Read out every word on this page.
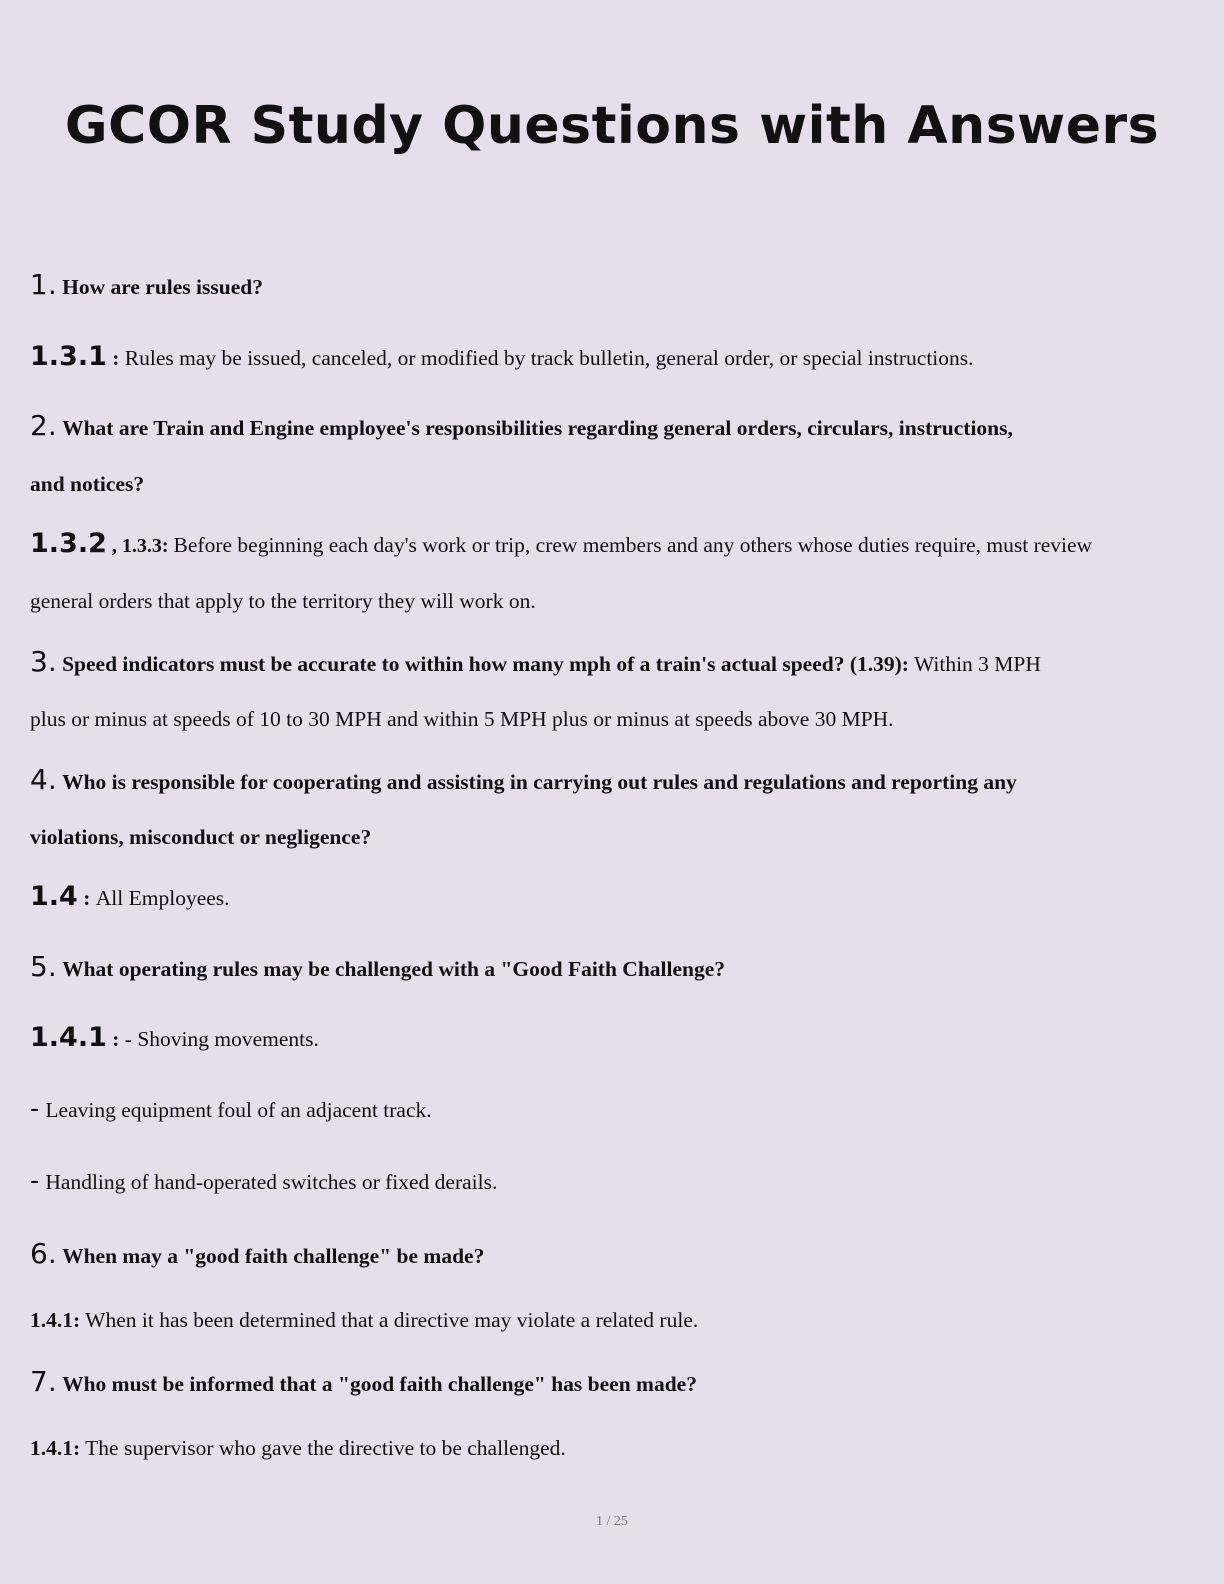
GCOR Study Questions with Answers
1. How are rules issued?
1.3.1 : Rules may be issued, canceled, or modified by track bulletin, general order, or special instructions.
2. What are Train and Engine employee's responsibilities regarding general orders, circulars, instructions,
and notices?
1.3.2 , 1.3.3: Before beginning each day's work or trip, crew members and any others whose duties require, must review
general orders that apply to the territory they will work on.
3. Speed indicators must be accurate to within how many mph of a train's actual speed? (1.39): Within 3 MPH
plus or minus at speeds of 10 to 30 MPH and within 5 MPH plus or minus at speeds above 30 MPH.
4. Who is responsible for cooperating and assisting in carrying out rules and regulations and reporting any
violations, misconduct or negligence?
1.4 : All Employees.
5. What operating rules may be challenged with a "Good Faith Challenge?
1.4.1 : - Shoving movements.
- Leaving equipment foul of an adjacent track.
- Handling of hand-operated switches or fixed derails.
6. When may a "good faith challenge" be made?
1.4.1: When it has been determined that a directive may violate a related rule.
7. Who must be informed that a "good faith challenge" has been made?
1.4.1: The supervisor who gave the directive to be challenged.
1 / 25
